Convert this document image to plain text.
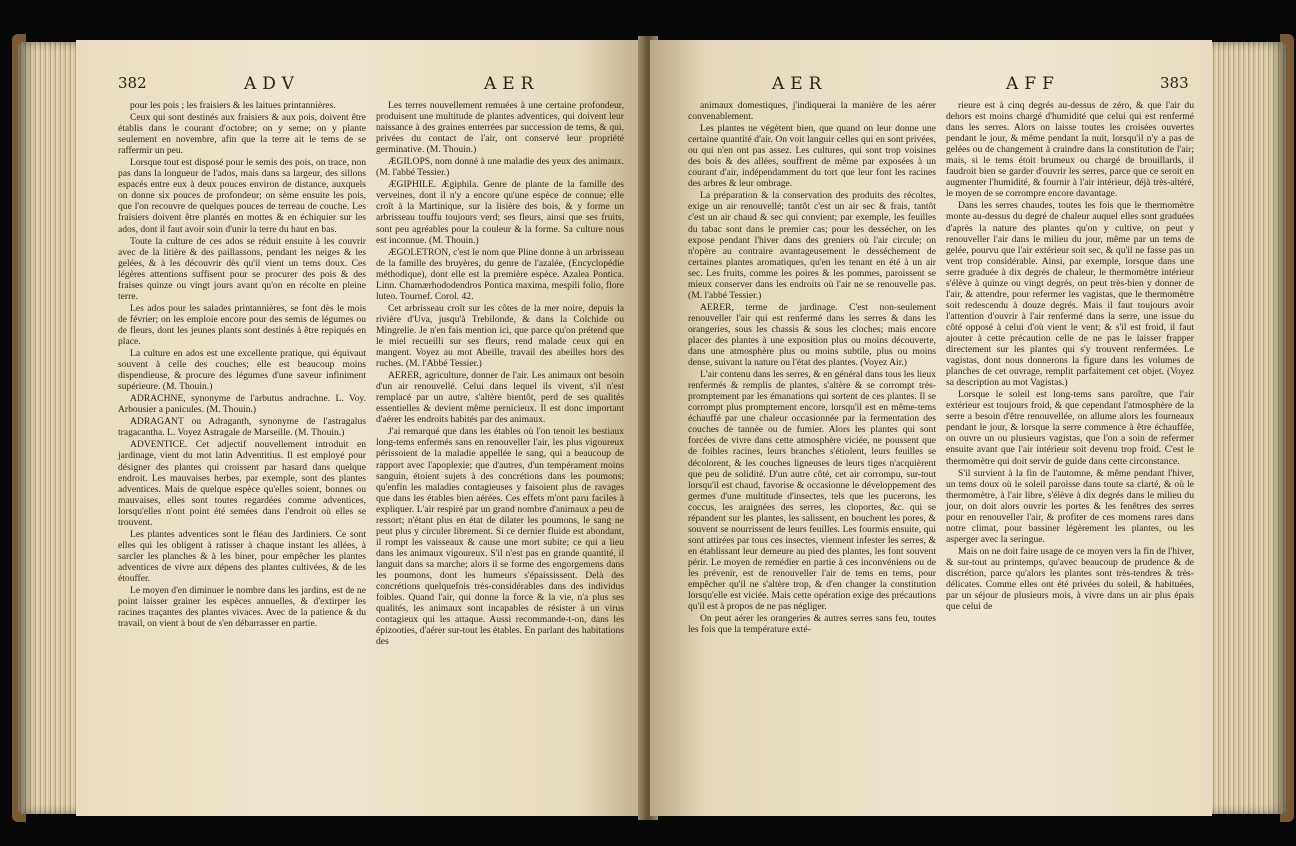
382	ADV	AER

pour les pois ; les fraisiers & les laitues printannières.

Ceux qui sont destinés aux fraisiers & aux pois, doivent être établis dans le courant d'octobre; on y seme; on y plante seulement en novembre, afin que la terre ait le tems de se raffermir un peu.

Lorsque tout est disposé pour le semis des pois, on trace, non pas dans la longueur de l'ados, mais dans sa largeur, des sillons espacés entre eux à deux pouces environ de distance, auxquels on donne six pouces de profondeur; on sème ensuite les pois, que l'on recouvre de quelques pouces de terreau de couche. Les fraisiers doivent être plantés en mottes & en échiquier sur les ados, dont il faut avoir soin d'unir la terre du haut en bas.

Toute la culture de ces ados se réduit ensuite à les couvrir avec de la litière & des paillassons, pendant les neiges & les gelées, & à les découvrir dès qu'il vient un tems doux. Ces légères attentions suffisent pour se procurer des pois & des fraises quinze ou vingt jours avant qu'on en récolte en pleine terre.

Les ados pour les salades printannières, se font dès le mois de février; on les emploie encore pour des semis de légumes ou de fleurs, dont les jeunes plants sont destinés à être repiqués en place.

La culture en ados est une excellente pratique, qui équivaut souvent à celle des couches; elle est beaucoup moins dispendieuse, & procure des légumes d'une saveur infiniment supérieure. (M. Thouin.)

ADRACHNE, synonyme de l'arbutus andrachne. L. Voy. Arbousier a panicules. (M. Thouin.)

ADRAGANT ou Adraganth, synonyme de l'astragalus tragacantha. L. Voyez Astragale de Marseille. (M. Thouin.)

ADVENTICE. Cet adjectif nouvellement introduit en jardinage, vient du mot latin Adventitius. Il est employé pour désigner des plantes qui croissent par hasard dans quelque endroit. Les mauvaises herbes, par exemple, sont des plantes adventices. Mais de quelque espèce qu'elles soient, bonnes ou mauvaises, elles sont toutes regardées comme adventices, lorsqu'elles n'ont point été semées dans l'endroit où elles se trouvent.

Les plantes adventices sont le fléau des Jardiniers. Ce sont elles qui les obligent à ratisser à chaque instant les allées, à sarcler les planches & à les biner, pour empêcher les plantes adventices de vivre aux dépens des plantes cultivées, & de les étouffer.

Le moyen d'en diminuer le nombre dans les jardins, est de ne point laisser grainer les espèces annuelles, & d'extirper les racines traçantes des plantes vivaces. Avec de la patience & du travail, on vient à bout de s'en débarrasser en partie.

Les terres nouvellement remuées à une certaine profondeur, produisent une multitude de plantes adventices, qui doivent leur naissance à des graines enterrées par succession de tems, & qui, privées du contact de l'air, ont conservé leur propriété germinative. (M. Thouin.)

ÆGILOPS, nom donné à une maladie des yeux des animaux. (M. l'abbé Tessier.)

ÆGIPHILE. Ægiphila. Genre de plante de la famille des verveines, dont il n'y a encore qu'une espèce de connue; elle croît à la Martinique, sur la lisière des bois, & y forme un arbrisseau touffu toujours verd; ses fleurs, ainsi que ses fruits, sont peu agréables pour la couleur & la forme. Sa culture nous est inconnue. (M. Thouin.)

ÆGOLETRON, c'est le nom que Pline donne à un arbrisseau de la famille des bruyères, du genre de l'azalée, (Encyclopédie méthodique), dont elle est la première espèce. Azalea Pontica. Linn. Chamærhododendros Pontica maxima, mespili folio, flore luteo. Tournef. Corol. 42.

Cet arbrisseau croît sur les côtes de la mer noire, depuis la rivière d'Uva, jusqu'à Trebilonde, & dans la Colchide ou Mingrelie. Je n'en fais mention ici, que parce qu'on prétend que le miel recueilli sur ses fleurs, rend malade ceux qui en mangent. Voyez au mot Abeille, travail des abeilles hors des ruches. (M. l'Abbé Tessier.)

AERER, agriculture, donner de l'air. Les animaux ont besoin d'un air renouvellé. Celui dans lequel ils vivent, s'il n'est remplacé par un autre, s'altère bientôt, perd de ses qualités essentielles & devient même pernicieux. Il est donc important d'aérer les endroits habités par des animaux.

J'ai remarqué que dans les étables où l'on tenoit les bestiaux long-tems enfermés sans en renouveller l'air, les plus vigoureux périssoient de la maladie appellée le sang, qui a beaucoup de rapport avec l'apoplexie; que d'autres, d'un tempérament moins sanguin, étoient sujets à des concrétions dans les poumons; qu'enfin les maladies contagieuses y faisoient plus de ravages que dans les étables bien aérées. Ces effets m'ont paru faciles à expliquer. L'air respiré par un grand nombre d'animaux a peu de ressort; n'étant plus en état de dilater les poumons, le sang ne peut plus y circuler librement. Si ce dernier fluide est abondant, il rompt les vaisseaux & cause une mort subite; ce qui a lieu dans les animaux vigoureux. S'il n'est pas en grande quantité, il languit dans sa marche; alors il se forme des engorgemens dans les poumons, dont les humeurs s'épaississent. Delà des concrétions quelquefois très-considérables dans des individus foibles. Quand l'air, qui donne la force & la vie, n'a plus ses qualités, les animaux sont incapables de résister à un virus contagieux qui les attaque. Aussi recommande-t-on, dans les épizooties, d'aérer sur-tout les étables. En parlant des habitations des

AER	AFF	383

animaux domestiques, j'indiquerai la manière de les aérer convenablement.

Les plantes ne végètent bien, que quand on leur donne une certaine quantité d'air. On voit languir celles qui en sont privées, ou qui n'en ont pas assez. Les cultures, qui sont trop voisines des bois & des allées, souffrent de même par exposées à un courant d'air, indépendamment du tort que leur font les racines des arbres & leur ombrage.

La préparation & la conservation des produits des récoltes, exige un air renouvellé; tantôt c'est un air sec & frais, tantôt c'est un air chaud & sec qui convient; par exemple, les feuilles du tabac sont dans le premier cas; pour les dessécher, on les expose pendant l'hiver dans des greniers où l'air circule; on n'opère au contraire avantageusement le desséchement de certaines plantes aromatiques, qu'en les tenant en été à un air sec. Les fruits, comme les poires & les pommes, paroissent se mieux conserver dans les endroits où l'air ne se renouvelle pas. (M. l'abbé Tessier.)

AERER, terme de jardinage. C'est non-seulement renouveller l'air qui est renfermé dans les serres & dans les orangeries, sous les chassis & sous les cloches; mais encore placer des plantes à une exposition plus ou moins découverte, dans une atmosphère plus ou moins subtile, plus ou moins dense, suivant la nature ou l'état des plantes. (Voyez Air.)

L'air contenu dans les serres, & en général dans tous les lieux renfermés & remplis de plantes, s'altère & se corrompt très-promptement par les émanations qui sortent de ces plantes. Il se corrompt plus promptement encore, lorsqu'il est en même-tems échauffé par une chaleur occasionnée par la fermentation des couches de tannée ou de fumier. Alors les plantes qui sont forcées de vivre dans cette atmosphère viciée, ne poussent que de foibles racines, leurs branches s'étiolent, leurs feuilles se décolorent, & les couches ligneuses de leurs tiges n'acquièrent que peu de solidité. D'un autre côté, cet air corrompu, sur-tout lorsqu'il est chaud, favorise & occasionne le développement des germes d'une multitude d'insectes, tels que les pucerons, les coccus, les araignées des serres, les cloportes, &c. qui se répandent sur les plantes, les salissent, en bouchent les pores, & souvent se nourrissent de leurs feuilles. Les fourmis ensuite, qui sont attirées par tous ces insectes, viennent infester les serres, & en établissant leur demeure au pied des plantes, les font souvent périr. Le moyen de remédier en partie à ces inconvéniens ou de les prévenir, est de renouveller l'air de tems en tems, pour empêcher qu'il ne s'altère trop, & d'en changer la constitution lorsqu'elle est viciée. Mais cette opération exige des précautions qu'il est à propos de ne pas négliger.

On peut aérer les orangeries & autres serres sans feu, toutes les fois que la température exté-

rieure est à cinq degrés au-dessus de zéro, & que l'air du dehors est moins chargé d'humidité que celui qui est renfermé dans les serres. Alors on laisse toutes les croisées ouvertes pendant le jour, & même pendant la nuit, lorsqu'il n'y a pas de gelées ou de changement à craindre dans la constitution de l'air; mais, si le tems étoit brumeux ou chargé de brouillards, il faudroit bien se garder d'ouvrir les serres, parce que ce seroit en augmenter l'humidité, & fournir à l'air intérieur, déjà très-altéré, le moyen de se corrompre encore davantage.

Dans les serres chaudes, toutes les fois que le thermomètre monte au-dessus du degré de chaleur auquel elles sont graduées d'après la nature des plantes qu'on y cultive, on peut y renouveller l'air dans le milieu du jour, même par un tems de gelée, pourvu que l'air extérieur soit sec, & qu'il ne fasse pas un vent trop considérable. Ainsi, par exemple, lorsque dans une serre graduée à dix degrés de chaleur, le thermomètre intérieur s'élève à quinze ou vingt degrés, on peut très-bien y donner de l'air, & attendre, pour refermer les vagistas, que le thermomètre soit redescendu à douze degrés. Mais il faut toujours avoir l'attention d'ouvrir à l'air renfermé dans la serre, une issue du côté opposé à celui d'où vient le vent; & s'il est froid, il faut ajouter à cette précaution celle de ne pas le laisser frapper directement sur les plantes qui s'y trouvent renfermées. Le vagistas, dont nous donnerons la figure dans les volumes de planches de cet ouvrage, remplit parfaitement cet objet. (Voyez sa description au mot Vagistas.)

Lorsque le soleil est long-tems sans paroître, que l'air extérieur est toujours froid, & que cependant l'atmosphère de la serre a besoin d'être renouvellée, on allume alors les fourneaux pendant le jour, & lorsque la serre commence à être échauffée, on ouvre un ou plusieurs vagistas, que l'on a soin de refermer ensuite avant que l'air intérieur soit devenu trop froid. C'est le thermomètre qui doit servir de guide dans cette circonstance.

S'il survient à la fin de l'automne, & même pendant l'hiver, un tems doux où le soleil paroisse dans toute sa clarté, & où le thermomètre, à l'air libre, s'élève à dix degrés dans le milieu du jour, on doit alors ouvrir les portes & les fenêtres des serres pour en renouveller l'air, & profiter de ces momens rares dans notre climat, pour bassiner légèrement les plantes, ou les asperger avec la seringue.

Mais on ne doit faire usage de ce moyen vers la fin de l'hiver, & sur-tout au printemps, qu'avec beaucoup de prudence & de discrétion, parce qu'alors les plantes sont très-tendres & très-délicates. Comme elles ont été privées du soleil, & habituées, par un séjour de plusieurs mois, à vivre dans un air plus épais que celui de
